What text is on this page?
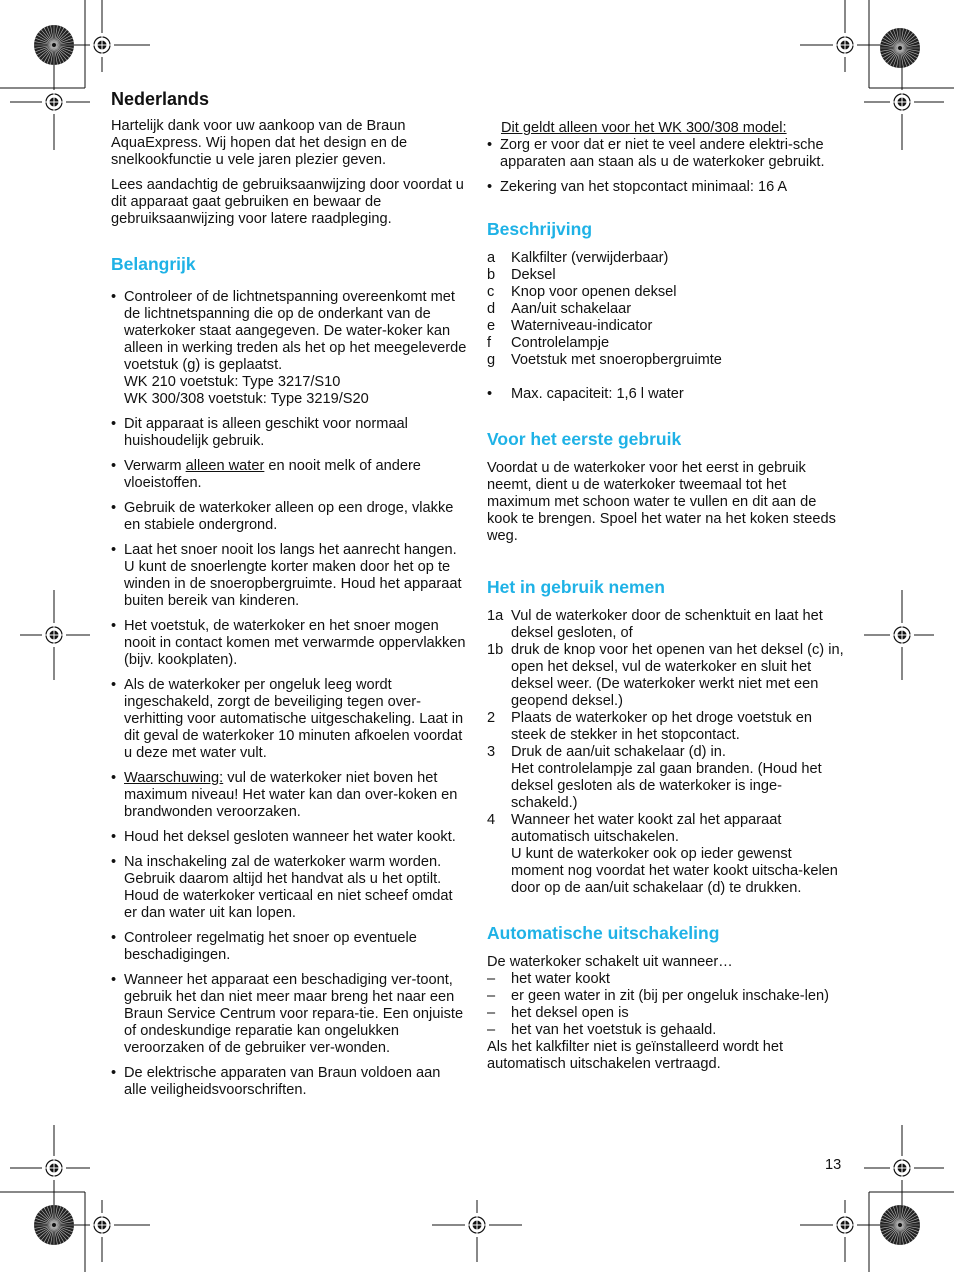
Nederlands

Hartelijk dank voor uw aankoop van de Braun AquaExpress. Wij hopen dat het design en de snelkookfunctie u vele jaren plezier geven.

Lees aandachtig de gebruiksaanwijzing door voordat u dit apparaat gaat gebruiken en bewaar de gebruiksaanwijzing voor latere raadpleging.

Belangrijk
• Controleer of de lichtnetspanning overeenkomt met de lichtnetspanning die op de onderkant van de waterkoker staat aangegeven. De water-koker kan alleen in werking treden als het op het meegeleverde voetstuk (g) is geplaatst.
WK 210 voetstuk: Type 3217/S10
WK 300/308 voetstuk: Type 3219/S20
• Dit apparaat is alleen geschikt voor normaal huishoudelijk gebruik.
• Verwarm alleen water en nooit melk of andere vloeistoffen.
• Gebruik de waterkoker alleen op een droge, vlakke en stabiele ondergrond.
• Laat het snoer nooit los langs het aanrecht hangen. U kunt de snoerlengte korter maken door het op te winden in de snoeropbergruimte. Houd het apparaat buiten bereik van kinderen.
• Het voetstuk, de waterkoker en het snoer mogen nooit in contact komen met verwarmde oppervlakken (bijv. kookplaten).
• Als de waterkoker per ongeluk leeg wordt ingeschakeld, zorgt de beveiliging tegen over-verhitting voor automatische uitgeschakeling. Laat in dit geval de waterkoker 10 minuten afkoelen voordat u deze met water vult.
• Waarschuwing: vul de waterkoker niet boven het maximum niveau! Het water kan dan over-koken en brandwonden veroorzaken.
• Houd het deksel gesloten wanneer het water kookt.
• Na inschakeling zal de waterkoker warm worden. Gebruik daarom altijd het handvat als u het optilt. Houd de waterkoker verticaal en niet scheef omdat er dan water uit kan lopen.
• Controleer regelmatig het snoer op eventuele beschadigingen.
• Wanneer het apparaat een beschadiging ver-toont, gebruik het dan niet meer maar breng het naar een Braun Service Centrum voor repara-tie. Een onjuiste of ondeskundige reparatie kan ongelukken veroorzaken of de gebruiker ver-wonden.
• De elektrische apparaten van Braun voldoen aan alle veiligheidsvoorschriften.

Dit geldt alleen voor het WK 300/308 model:

• Zorg er voor dat er niet te veel andere elektri-sche apparaten aan staan als u de waterkoker gebruikt.
• Zekering van het stopcontact minimaal: 16 A
Beschrijving
a	Kalkfilter (verwijderbaar)
b	Deksel
c	Knop voor openen deksel
d	Aan/uit schakelaar
e	Waterniveau-indicator
f	Controlelampje
g	Voetstuk met snoeropbergruimte
•	Max. capaciteit: 1,6 l water
Voor het eerste gebruik

Voordat u de waterkoker voor het eerst in gebruik neemt, dient u de waterkoker tweemaal tot het maximum met schoon water te vullen en dit aan de kook te brengen. Spoel het water na het koken steeds weg.

Het in gebruik nemen
1a Vul de waterkoker door de schenktuit en laat het deksel gesloten, of
1b druk de knop voor het openen van het deksel (c) in, open het deksel, vul de waterkoker en sluit het deksel weer. (De waterkoker werkt niet met een geopend deksel.)
2	Plaats de waterkoker op het droge voetstuk en steek de stekker in het stopcontact.
3	Druk de aan/uit schakelaar (d) in.
Het controlelampje zal gaan branden. (Houd het deksel gesloten als de waterkoker is inge-schakeld.)
4	Wanneer het water kookt zal het apparaat automatisch uitschakelen.
U kunt de waterkoker ook op ieder gewenst moment nog voordat het water kookt uitscha-kelen door op de aan/uit schakelaar (d) te drukken.
Automatische uitschakeling

De waterkoker schakelt uit wanneer…

–	het water kookt
–	er geen water in zit (bij per ongeluk inschake-len)
–	het deksel open is
–	het van het voetstuk is gehaald.

Als het kalkfilter niet is geïnstalleerd wordt het automatisch uitschakelen vertraagd.

13
